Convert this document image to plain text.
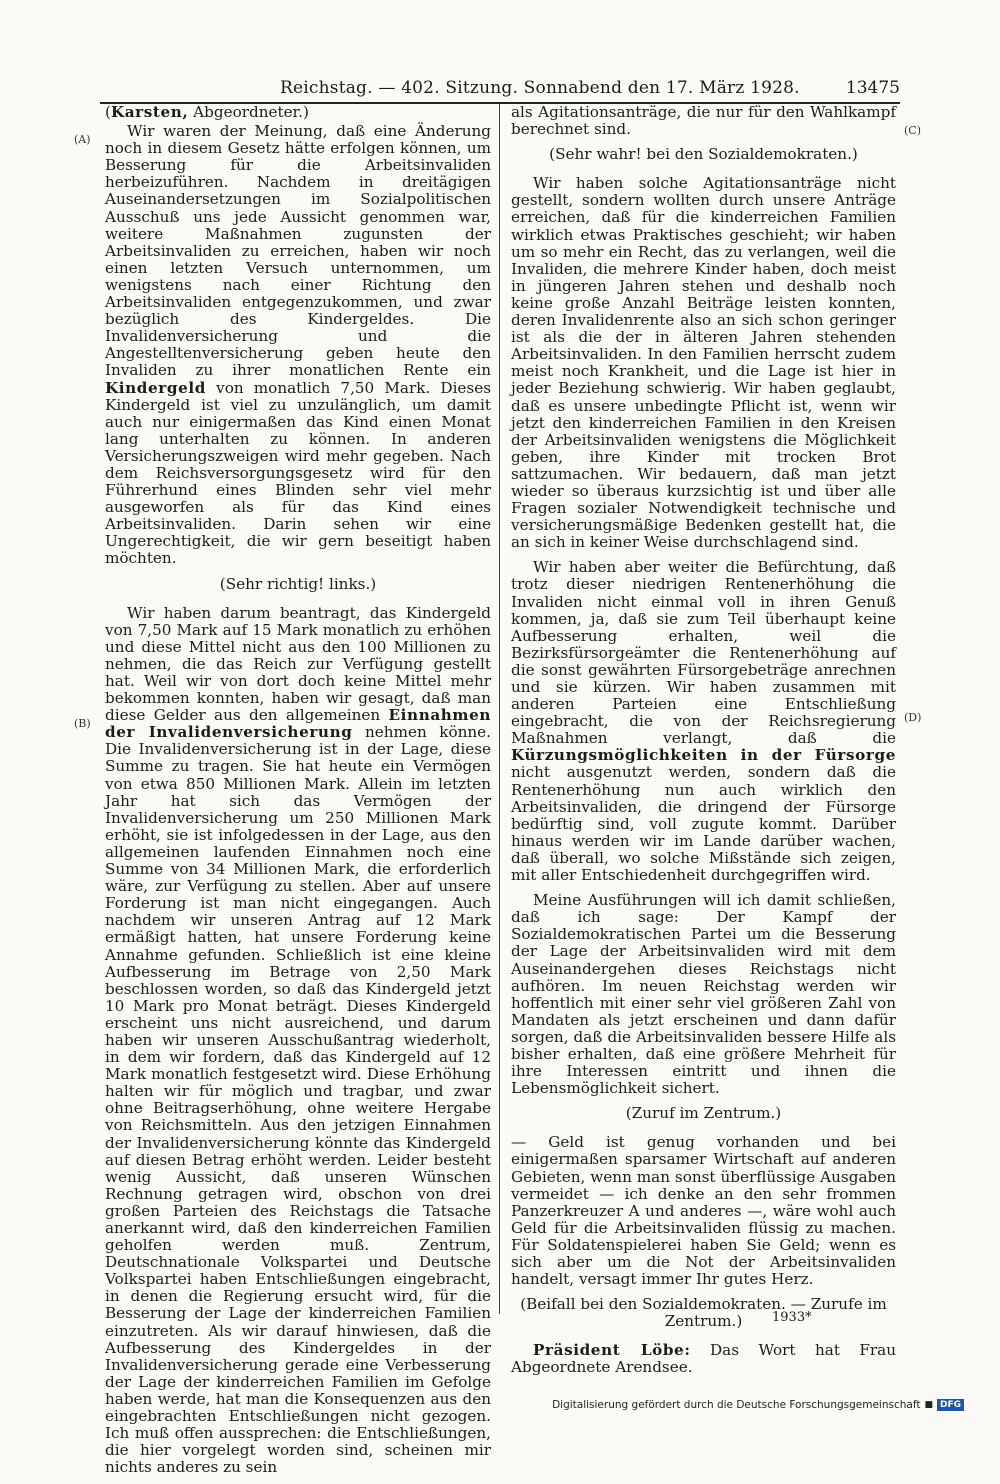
Reichstag. — 402. Sitzung. Sonnabend den 17. März 1928.	13475
(A)
(B)
(C)
(D)

(Karsten, Abgeordneter.)

Wir waren der Meinung, daß eine Änderung noch in diesem Gesetz hätte erfolgen können, um Besserung für die Arbeitsinvaliden herbeizuführen. Nachdem in dreitägigen Auseinandersetzungen im Sozialpolitischen Ausschuß uns jede Aussicht genommen war, weitere Maßnahmen zugunsten der Arbeitsinvaliden zu erreichen, haben wir noch einen letzten Versuch unternommen, um wenigstens nach einer Richtung den Arbeitsinvaliden entgegenzukommen, und zwar bezüglich des Kindergeldes. Die Invalidenversicherung und die Angestelltenversicherung geben heute den Invaliden zu ihrer monatlichen Rente ein Kindergeld von monatlich 7,50 Mark. Dieses Kindergeld ist viel zu unzulänglich, um damit auch nur einigermaßen das Kind einen Monat lang unterhalten zu können. In anderen Versicherungszweigen wird mehr gegeben. Nach dem Reichsversorgungsgesetz wird für den Führerhund eines Blinden sehr viel mehr ausgeworfen als für das Kind eines Arbeitsinvaliden. Darin sehen wir eine Ungerechtigkeit, die wir gern beseitigt haben möchten.

(Sehr richtig! links.)

Wir haben darum beantragt, das Kindergeld von 7,50 Mark auf 15 Mark monatlich zu erhöhen und diese Mittel nicht aus den 100 Millionen zu nehmen, die das Reich zur Verfügung gestellt hat. Weil wir von dort doch keine Mittel mehr bekommen konnten, haben wir gesagt, daß man diese Gelder aus den allgemeinen Einnahmen der Invalidenversicherung nehmen könne. Die Invalidenversicherung ist in der Lage, diese Summe zu tragen. Sie hat heute ein Vermögen von etwa 850 Millionen Mark. Allein im letzten Jahr hat sich das Vermögen der Invalidenversicherung um 250 Millionen Mark erhöht, sie ist infolgedessen in der Lage, aus den allgemeinen laufenden Einnahmen noch eine Summe von 34 Millionen Mark, die erforderlich wäre, zur Verfügung zu stellen. Aber auf unsere Forderung ist man nicht eingegangen. Auch nachdem wir unseren Antrag auf 12 Mark ermäßigt hatten, hat unsere Forderung keine Annahme gefunden. Schließlich ist eine kleine Aufbesserung im Betrage von 2,50 Mark beschlossen worden, so daß das Kindergeld jetzt 10 Mark pro Monat beträgt. Dieses Kindergeld erscheint uns nicht ausreichend, und darum haben wir unseren Ausschußantrag wiederholt, in dem wir fordern, daß das Kindergeld auf 12 Mark monatlich festgesetzt wird. Diese Erhöhung halten wir für möglich und tragbar, und zwar ohne Beitragserhöhung, ohne weitere Hergabe von Reichsmitteln. Aus den jetzigen Einnahmen der Invalidenversicherung könnte das Kindergeld auf diesen Betrag erhöht werden. Leider besteht wenig Aussicht, daß unseren Wünschen Rechnung getragen wird, obschon von drei großen Parteien des Reichstags die Tatsache anerkannt wird, daß den kinderreichen Familien geholfen werden muß. Zentrum, Deutschnationale Volkspartei und Deutsche Volkspartei haben Entschließungen eingebracht, in denen die Regierung ersucht wird, für die Besserung der Lage der kinderreichen Familien einzutreten. Als wir darauf hinwiesen, daß die Aufbesserung des Kindergeldes in der Invalidenversicherung gerade eine Verbesserung der Lage der kinderreichen Familien im Gefolge haben werde, hat man die Konsequenzen aus den eingebrachten Entschließungen nicht gezogen. Ich muß offen aussprechen: die Entschließungen, die hier vorgelegt worden sind, scheinen mir nichts anderes zu sein

als Agitationsanträge, die nur für den Wahlkampf berechnet sind.

(Sehr wahr! bei den Sozialdemokraten.)

Wir haben solche Agitationsanträge nicht gestellt, sondern wollten durch unsere Anträge erreichen, daß für die kinderreichen Familien wirklich etwas Praktisches geschieht; wir haben um so mehr ein Recht, das zu verlangen, weil die Invaliden, die mehrere Kinder haben, doch meist in jüngeren Jahren stehen und deshalb noch keine große Anzahl Beiträge leisten konnten, deren Invalidenrente also an sich schon geringer ist als die der in älteren Jahren stehenden Arbeitsinvaliden. In den Familien herrscht zudem meist noch Krankheit, und die Lage ist hier in jeder Beziehung schwierig. Wir haben geglaubt, daß es unsere unbedingte Pflicht ist, wenn wir jetzt den kinderreichen Familien in den Kreisen der Arbeitsinvaliden wenigstens die Möglichkeit geben, ihre Kinder mit trocken Brot sattzumachen. Wir bedauern, daß man jetzt wieder so überaus kurzsichtig ist und über alle Fragen sozialer Notwendigkeit technische und versicherungsmäßige Bedenken gestellt hat, die an sich in keiner Weise durchschlagend sind.

Wir haben aber weiter die Befürchtung, daß trotz dieser niedrigen Rentenerhöhung die Invaliden nicht einmal voll in ihren Genuß kommen, ja, daß sie zum Teil überhaupt keine Aufbesserung erhalten, weil die Bezirksfürsorgeämter die Rentenerhöhung auf die sonst gewährten Fürsorgebeträge anrechnen und sie kürzen. Wir haben zusammen mit anderen Parteien eine Entschließung eingebracht, die von der Reichsregierung Maßnahmen verlangt, daß die Kürzungsmöglichkeiten in der Fürsorge nicht ausgenutzt werden, sondern daß die Rentenerhöhung nun auch wirklich den Arbeitsinvaliden, die dringend der Fürsorge bedürftig sind, voll zugute kommt. Darüber hinaus werden wir im Lande darüber wachen, daß überall, wo solche Mißstände sich zeigen, mit aller Entschiedenheit durchgegriffen wird.

Meine Ausführungen will ich damit schließen, daß ich sage: Der Kampf der Sozialdemokratischen Partei um die Besserung der Lage der Arbeitsinvaliden wird mit dem Auseinandergehen dieses Reichstags nicht aufhören. Im neuen Reichstag werden wir hoffentlich mit einer sehr viel größeren Zahl von Mandaten als jetzt erscheinen und dann dafür sorgen, daß die Arbeitsinvaliden bessere Hilfe als bisher erhalten, daß eine größere Mehrheit für ihre Interessen eintritt und ihnen die Lebensmöglichkeit sichert.

(Zuruf im Zentrum.)

— Geld ist genug vorhanden und bei einigermaßen sparsamer Wirtschaft auf anderen Gebieten, wenn man sonst überflüssige Ausgaben vermeidet — ich denke an den sehr frommen Panzerkreuzer A und anderes —, wäre wohl auch Geld für die Arbeitsinvaliden flüssig zu machen. Für Soldatenspielerei haben Sie Geld; wenn es sich aber um die Not der Arbeitsinvaliden handelt, versagt immer Ihr gutes Herz.

(Beifall bei den Sozialdemokraten. — Zurufe im Zentrum.)

Präsident Löbe: Das Wort hat Frau Abgeordnete Arendsee.

1933*
Digitalisierung gefördert durch die Deutsche Forschungsgemeinschaft ■ DFG
